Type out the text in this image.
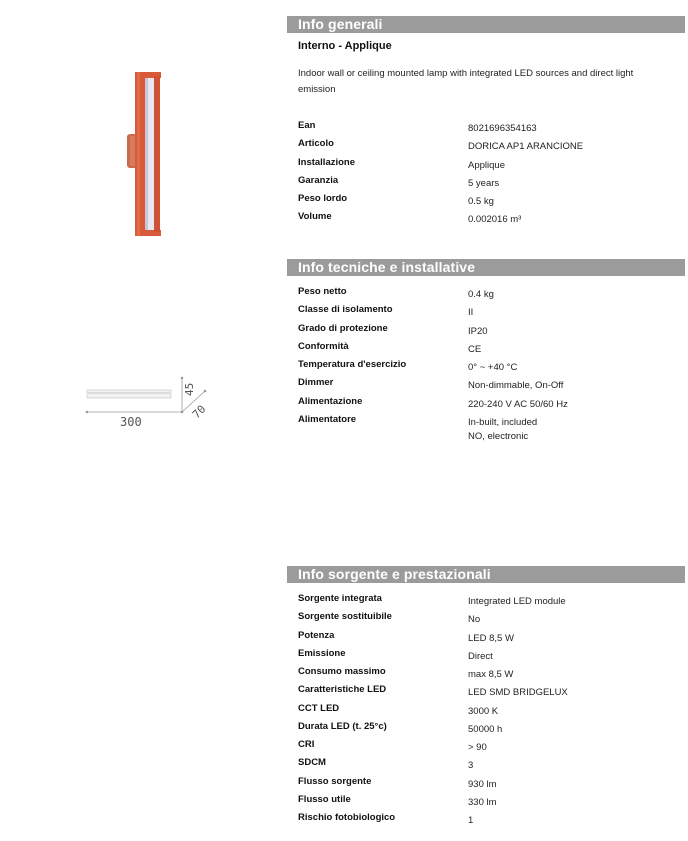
300
45
70
Info generali
Interno - Applique
Indoor wall or ceiling mounted lamp with integrated LED sources and direct light emission
Ean	8021696354163
Articolo	DORICA AP1 ARANCIONE
Installazione	Applique
Garanzia	5 years
Peso lordo	0.5 kg
Volume	0.002016 m³
Info tecniche e installative
Peso netto	0.4 kg
Classe di isolamento	II
Grado di protezione	IP20
Conformità	CE
Temperatura d'esercizio	0° ~ +40 °C
Dimmer	Non-dimmable, On-Off
Alimentazione	220-240 V AC 50/60 Hz
Alimentatore	In-built, included
NO, electronic
Info sorgente e prestazionali
Sorgente integrata	Integrated LED module
Sorgente sostituibile	No
Potenza	LED 8,5 W
Emissione	Direct
Consumo massimo	max 8,5 W
Caratteristiche LED	LED SMD BRIDGELUX
CCT LED	3000 K
Durata LED (t. 25°c)	50000 h
CRI	> 90
SDCM	3
Flusso sorgente	930 lm
Flusso utile	330 lm
Rischio fotobiologico	1
